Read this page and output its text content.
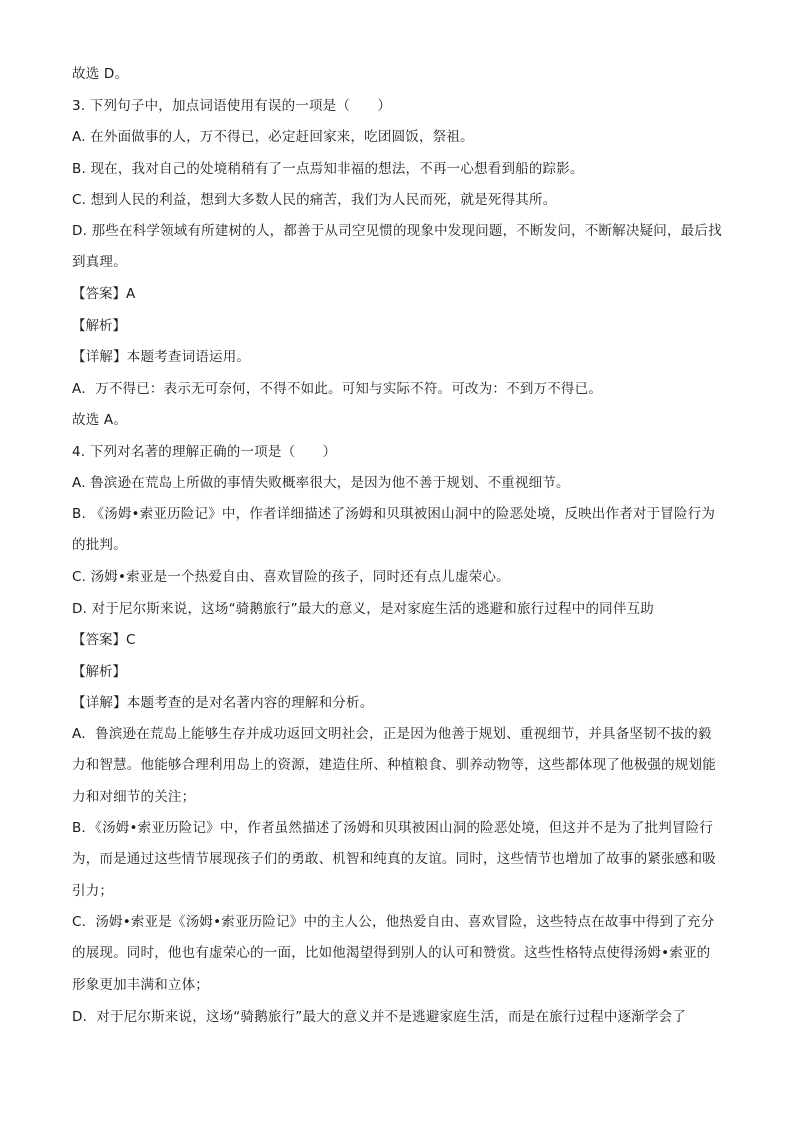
故选 D。

3. 下列句子中，加点词语使用有误的一项是（　　）

A. 在外面做事的人，万不得已，必定赶回家来，吃团圆饭，祭祖。

B. 现在，我对自己的处境稍稍有了一点焉知非福的想法，不再一心想看到船的踪影。

C. 想到人民的利益，想到大多数人民的痛苦，我们为人民而死，就是死得其所。

D. 那些在科学领域有所建树的人，都善于从司空见惯的现象中发现问题，不断发问，不断解决疑问，最后找到真理。

【答案】A

【解析】

【详解】本题考查词语运用。

A．万不得已：表示无可奈何，不得不如此。可知与实际不符。可改为：不到万不得已。

故选 A。

4. 下列对名著的理解正确的一项是（　　）

A. 鲁滨逊在荒岛上所做的事情失败概率很大，是因为他不善于规划、不重视细节。

B. 《汤姆•索亚历险记》中，作者详细描述了汤姆和贝琪被困山洞中的险恶处境，反映出作者对于冒险行为的批判。

C. 汤姆•索亚是一个热爱自由、喜欢冒险的孩子，同时还有点儿虚荣心。

D. 对于尼尔斯来说，这场“骑鹅旅行”最大的意义，是对家庭生活的逃避和旅行过程中的同伴互助

【答案】C

【解析】

【详解】本题考查的是对名著内容的理解和分析。

A．鲁滨逊在荒岛上能够生存并成功返回文明社会，正是因为他善于规划、重视细节，并具备坚韧不拔的毅力和智慧。他能够合理利用岛上的资源，建造住所、种植粮食、驯养动物等，这些都体现了他极强的规划能力和对细节的关注；

B．《汤姆•索亚历险记》中，作者虽然描述了汤姆和贝琪被困山洞的险恶处境，但这并不是为了批判冒险行为，而是通过这些情节展现孩子们的勇敢、机智和纯真的友谊。同时，这些情节也增加了故事的紧张感和吸引力；

C．汤姆•索亚是《汤姆•索亚历险记》中的主人公，他热爱自由、喜欢冒险，这些特点在故事中得到了充分的展现。同时，他也有虚荣心的一面，比如他渴望得到别人的认可和赞赏。这些性格特点使得汤姆•索亚的形象更加丰满和立体；

D．对于尼尔斯来说，这场“骑鹅旅行”最大的意义并不是逃避家庭生活，而是在旅行过程中逐渐学会了
